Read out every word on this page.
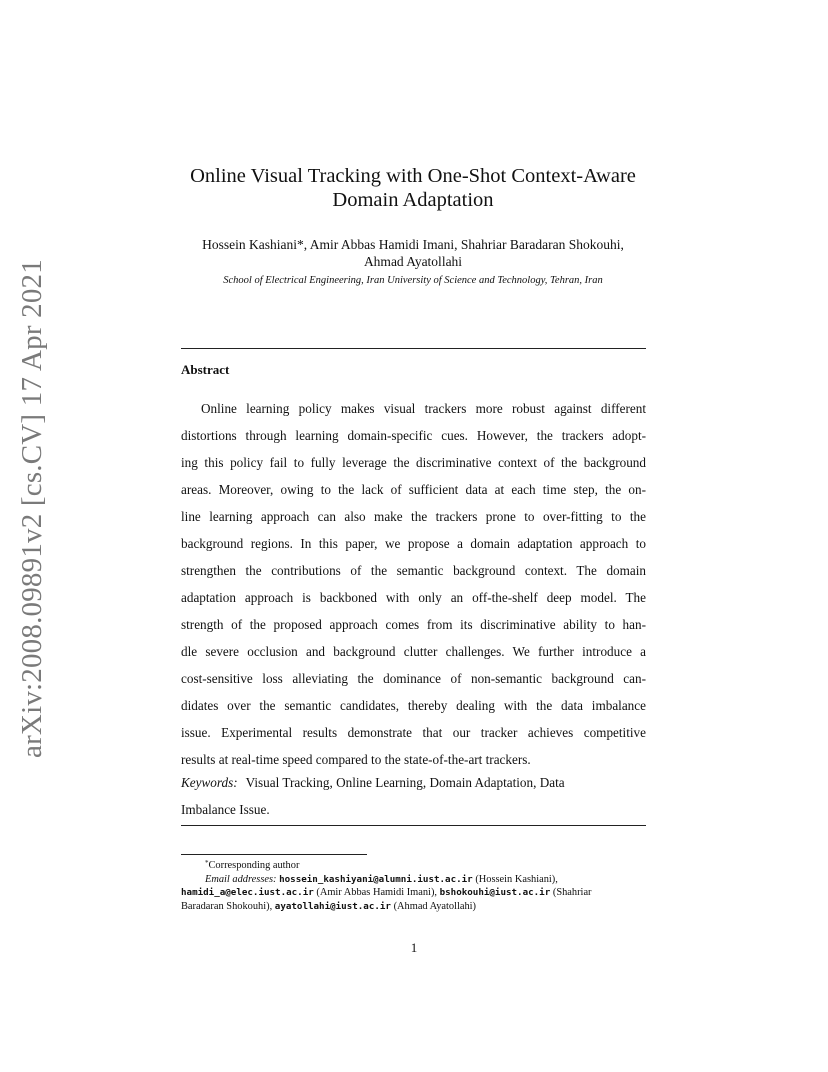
arXiv:2008.09891v2 [cs.CV] 17 Apr 2021
Online Visual Tracking with One-Shot Context-Aware
Domain Adaptation
Hossein Kashiani*, Amir Abbas Hamidi Imani, Shahriar Baradaran Shokouhi,
Ahmad Ayatollahi
School of Electrical Engineering, Iran University of Science and Technology, Tehran, Iran
Abstract
Online learning policy makes visual trackers more robust against different
distortions through learning domain-specific cues. However, the trackers adopt-
ing this policy fail to fully leverage the discriminative context of the background
areas. Moreover, owing to the lack of sufficient data at each time step, the on-
line learning approach can also make the trackers prone to over-fitting to the
background regions. In this paper, we propose a domain adaptation approach to
strengthen the contributions of the semantic background context. The domain
adaptation approach is backboned with only an off-the-shelf deep model. The
strength of the proposed approach comes from its discriminative ability to han-
dle severe occlusion and background clutter challenges. We further introduce a
cost-sensitive loss alleviating the dominance of non-semantic background can-
didates over the semantic candidates, thereby dealing with the data imbalance
issue. Experimental results demonstrate that our tracker achieves competitive
results at real-time speed compared to the state-of-the-art trackers.
Keywords: Visual Tracking, Online Learning, Domain Adaptation, Data
Imbalance Issue.
*Corresponding author
Email addresses: hossein_kashiyani@alumni.iust.ac.ir (Hossein Kashiani),
hamidi_a@elec.iust.ac.ir (Amir Abbas Hamidi Imani), bshokouhi@iust.ac.ir (Shahriar
Baradaran Shokouhi), ayatollahi@iust.ac.ir (Ahmad Ayatollahi)
1
